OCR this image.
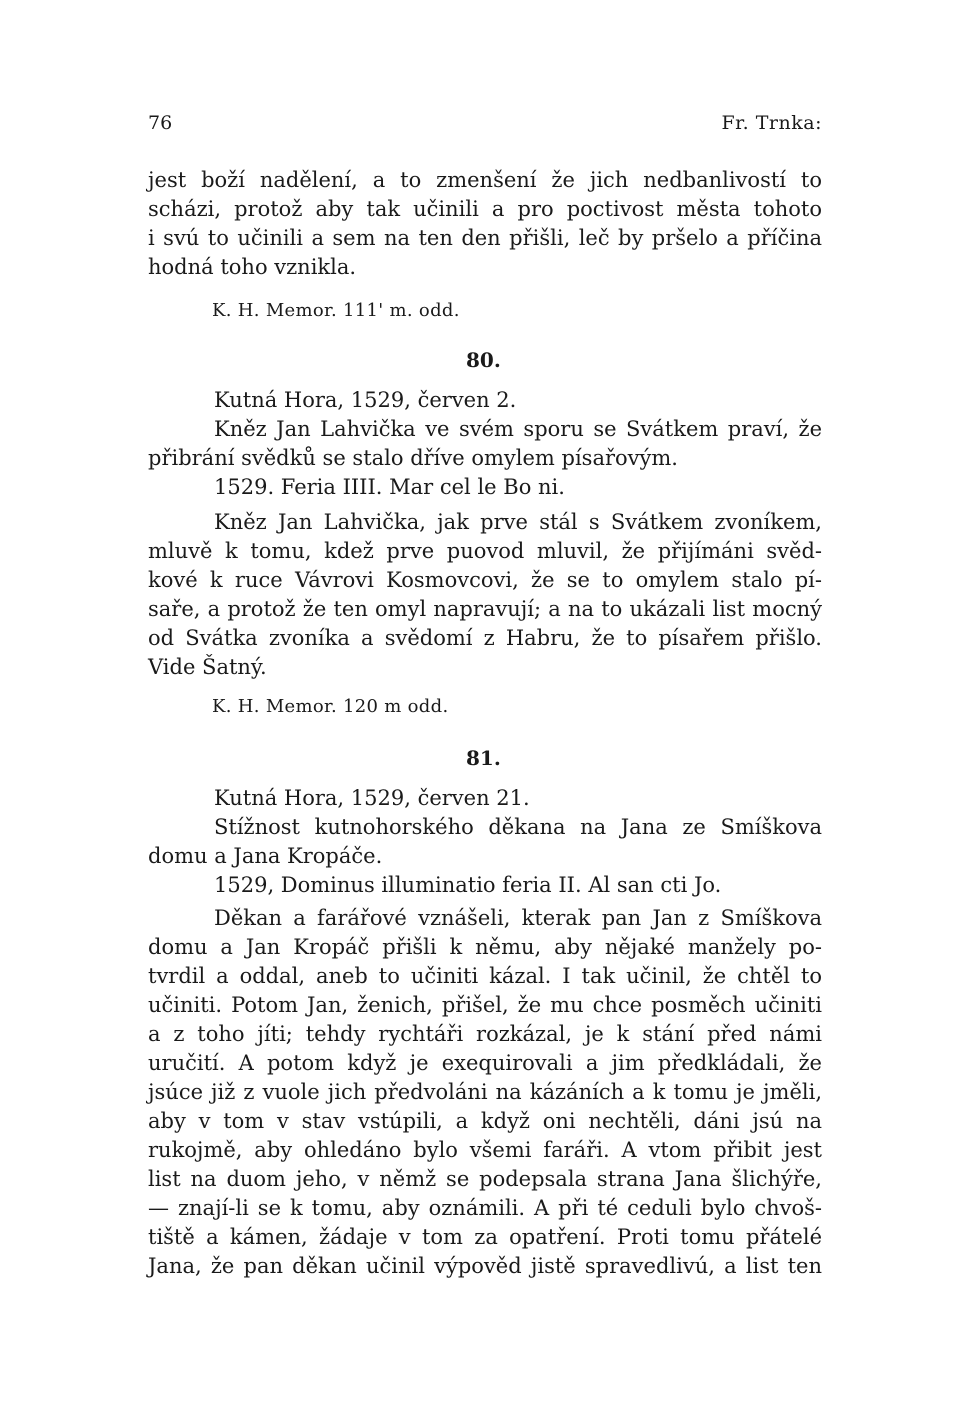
76	Fr. Trnka:
jest boží nadělení, a to zmenšení že jich nedbanlivostí to
scházi, protož aby tak učinili a pro poctivost města tohoto
i svú to učinili a sem na ten den přišli, leč by pršelo a příčina
hodná toho vznikla.
K. H. Memor. 111' m. odd.
80.
Kutná Hora, 1529, červen 2.
Kněz Jan Lahvička ve svém sporu se Svátkem praví, že
přibrání svědků se stalo dříve omylem písařovým.
1529. Feria IIII. Mar cel le Bo ni.
Kněz Jan Lahvička, jak prve stál s Svátkem zvoníkem,
mluvě k tomu, kdež prve puovod mluvil, že přijímáni svěd-
kové k ruce Vávrovi Kosmovcovi, že se to omylem stalo pí-
saře, a protož že ten omyl napravují; a na to ukázali list mocný
od Svátka zvoníka a svědomí z Habru, že to písařem přišlo.
Vide Šatný.
K. H. Memor. 120 m odd.
81.
Kutná Hora, 1529, červen 21.
Stížnost kutnohorského děkana na Jana ze Smíškova
domu a Jana Kropáče.
1529, Dominus illuminatio feria II. Al san cti Jo.
Děkan a farářové vznášeli, kterak pan Jan z Smíškova
domu a Jan Kropáč přišli k němu, aby nějaké manžely po-
tvrdil a oddal, aneb to učiniti kázal. I tak učinil, že chtěl to
učiniti. Potom Jan, ženich, přišel, že mu chce posměch učiniti
a z toho jíti; tehdy rychtáři rozkázal, je k stání před námi
uručití. A potom když je exequirovali a jim předkládali, že
jsúce již z vuole jich předvoláni na kázáních a k tomu je jměli,
aby v tom v stav vstúpili, a když oni nechtěli, dáni jsú na
rukojmě, aby ohledáno bylo všemi faráři. A vtom přibit jest
list na duom jeho, v němž se podepsala strana Jana šlichýře,
— znají-li se k tomu, aby oznámili. A při té ceduli bylo chvoš-
tiště a kámen, žádaje v tom za opatření. Proti tomu přátelé
Jana, že pan děkan učinil výpověd jistě spravedlivú, a list ten
